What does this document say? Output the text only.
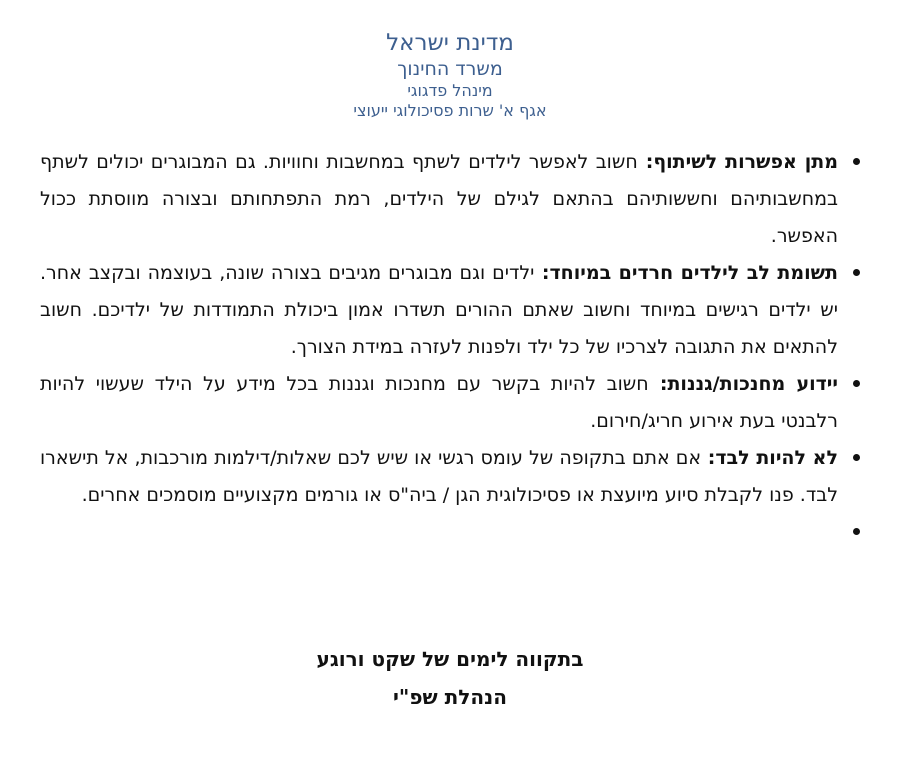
מדינת ישראל
משרד החינוך
מינהל פדגוגי
אגף א' שרות פסיכולוגי ייעוצי
מתן אפשרות לשיתוף: חשוב לאפשר לילדים לשתף במחשבות וחוויות. גם המבוגרים יכולים לשתף במחשבותיהם וחששותיהם בהתאם לגילם של הילדים, רמת התפתחותם ובצורה מווסתת ככול האפשר.
תשומת לב לילדים חרדים במיוחד: ילדים וגם מבוגרים מגיבים בצורה שונה, בעוצמה ובקצב אחר. יש ילדים רגישים במיוחד וחשוב שאתם ההורים תשדרו אמון ביכולת התמודדות של ילדיכם. חשוב להתאים את התגובה לצרכיו של כל ילד ולפנות לעזרה במידת הצורך.
יידוע מחנכות/גננות: חשוב להיות בקשר עם מחנכות וגננות בכל מידע על הילד שעשוי להיות רלבנטי בעת אירוע חריג/חירום.
לא להיות לבד: אם אתם בתקופה של עומס רגשי או שיש לכם שאלות/דילמות מורכבות, אל תישארו לבד. פנו לקבלת סיוע מיועצת או פסיכולוגית הגן / ביה"ס או גורמים מקצועיים מוסמכים אחרים.
בתקווה לימים של שקט ורוגע
הנהלת שפ"י
